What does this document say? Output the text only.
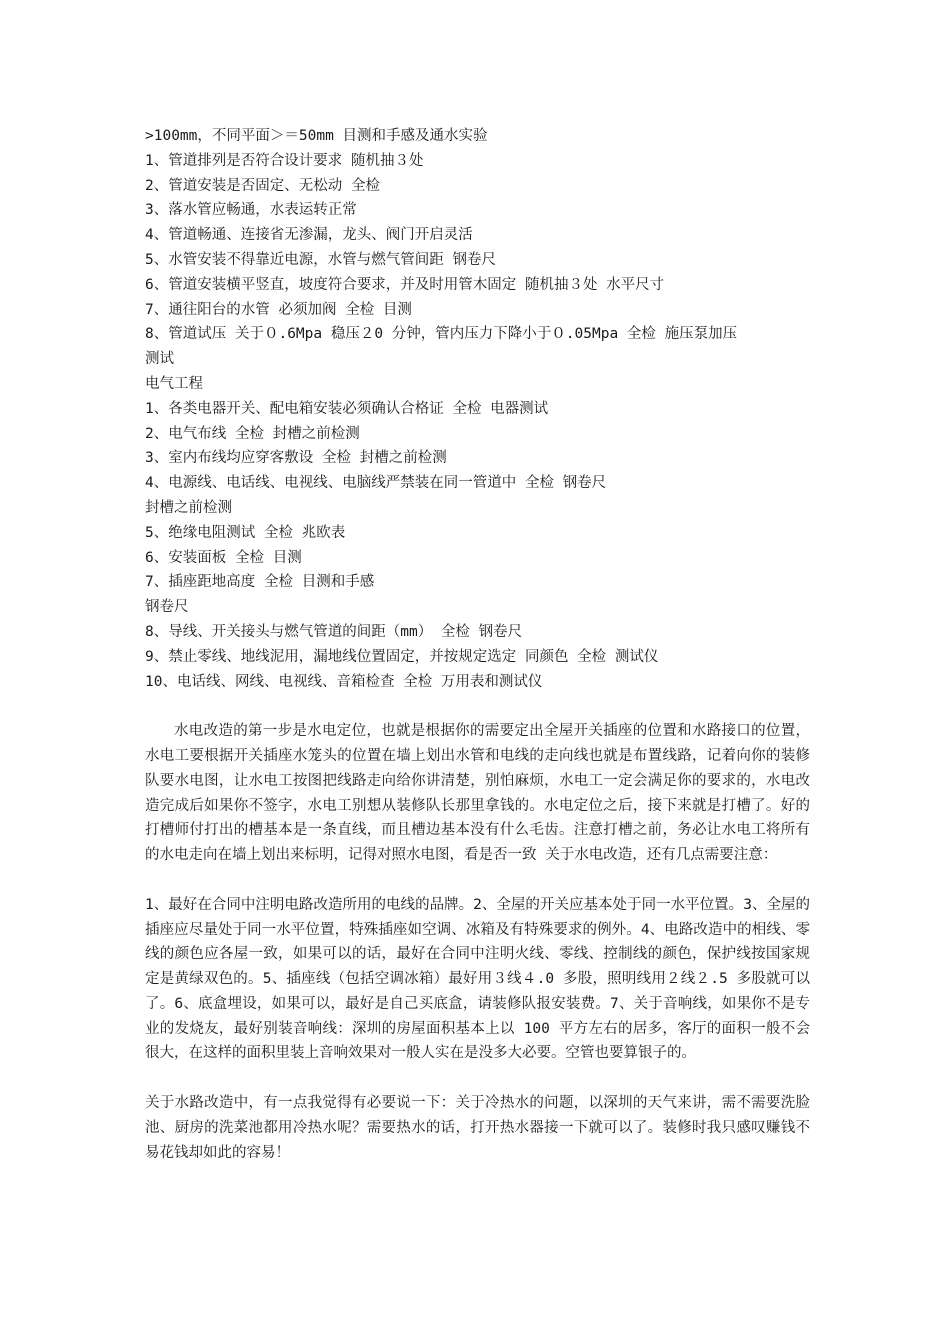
>100mm，不同平面＞＝50mm 目测和手感及通水实验
1、管道排列是否符合设计要求 随机抽３处
2、管道安装是否固定、无松动 全检
3、落水管应畅通，水表运转正常
4、管道畅通、连接省无渗漏，龙头、阀门开启灵活
5、水管安装不得靠近电源，水管与燃气管间距 钢卷尺
6、管道安装横平竖直，坡度符合要求，并及时用管木固定 随机抽３处 水平尺寸
7、通往阳台的水管 必须加阀 全检 目测
8、管道试压 关于０.6Mpa 稳压２0 分钟，管内压力下降小于０.05Mpa 全检 施压泵加压
测试
电气工程
1、各类电器开关、配电箱安装必须确认合格证 全检 电器测试
2、电气布线 全检 封槽之前检测
3、室内布线均应穿客敷设 全检 封槽之前检测
4、电源线、电话线、电视线、电脑线严禁装在同一管道中 全检 钢卷尺
封槽之前检测
5、绝缘电阻测试 全检 兆欧表
6、安装面板 全检 目测
7、插座距地高度 全检 目测和手感
钢卷尺
8、导线、开关接头与燃气管道的间距（mm） 全检 钢卷尺
9、禁止零线、地线泥用，漏地线位置固定，并按规定选定 同颜色 全检 测试仪
10、电话线、网线、电视线、音箱检查 全检 万用表和测试仪

水电改造的第一步是水电定位，也就是根据你的需要定出全屋开关插座的位置和水路接口的位置，水电工要根据开关插座水笼头的位置在墙上划出水管和电线的走向线也就是布置线路，记着向你的装修队要水电图，让水电工按图把线路走向给你讲清楚，别怕麻烦，水电工一定会满足你的要求的，水电改造完成后如果你不签字，水电工别想从装修队长那里拿钱的。水电定位之后，接下来就是打槽了。好的打槽师付打出的槽基本是一条直线，而且槽边基本没有什么毛齿。注意打槽之前，务必让水电工将所有的水电走向在墙上划出来标明，记得对照水电图，看是否一致 关于水电改造，还有几点需要注意：

1、最好在合同中注明电路改造所用的电线的品牌。2、全屋的开关应基本处于同一水平位置。3、全屋的插座应尽量处于同一水平位置，特殊插座如空调、冰箱及有特殊要求的例外。4、电路改造中的相线、零线的颜色应各屋一致，如果可以的话，最好在合同中注明火线、零线、控制线的颜色，保护线按国家规定是黄绿双色的。5、插座线（包括空调冰箱）最好用３线４.0 多股，照明线用２线２.5 多股就可以了。6、底盒埋设，如果可以，最好是自己买底盒，请装修队报安装费。7、关于音响线，如果你不是专业的发烧友，最好别装音响线：深圳的房屋面积基本上以 100 平方左右的居多，客厅的面积一般不会很大，在这样的面积里装上音响效果对一般人实在是没多大必要。空管也要算银子的。

关于水路改造中，有一点我觉得有必要说一下：关于冷热水的问题，以深圳的天气来讲，需不需要洗脸池、厨房的洗菜池都用冷热水呢？需要热水的话，打开热水器接一下就可以了。装修时我只感叹赚钱不易花钱却如此的容易！
